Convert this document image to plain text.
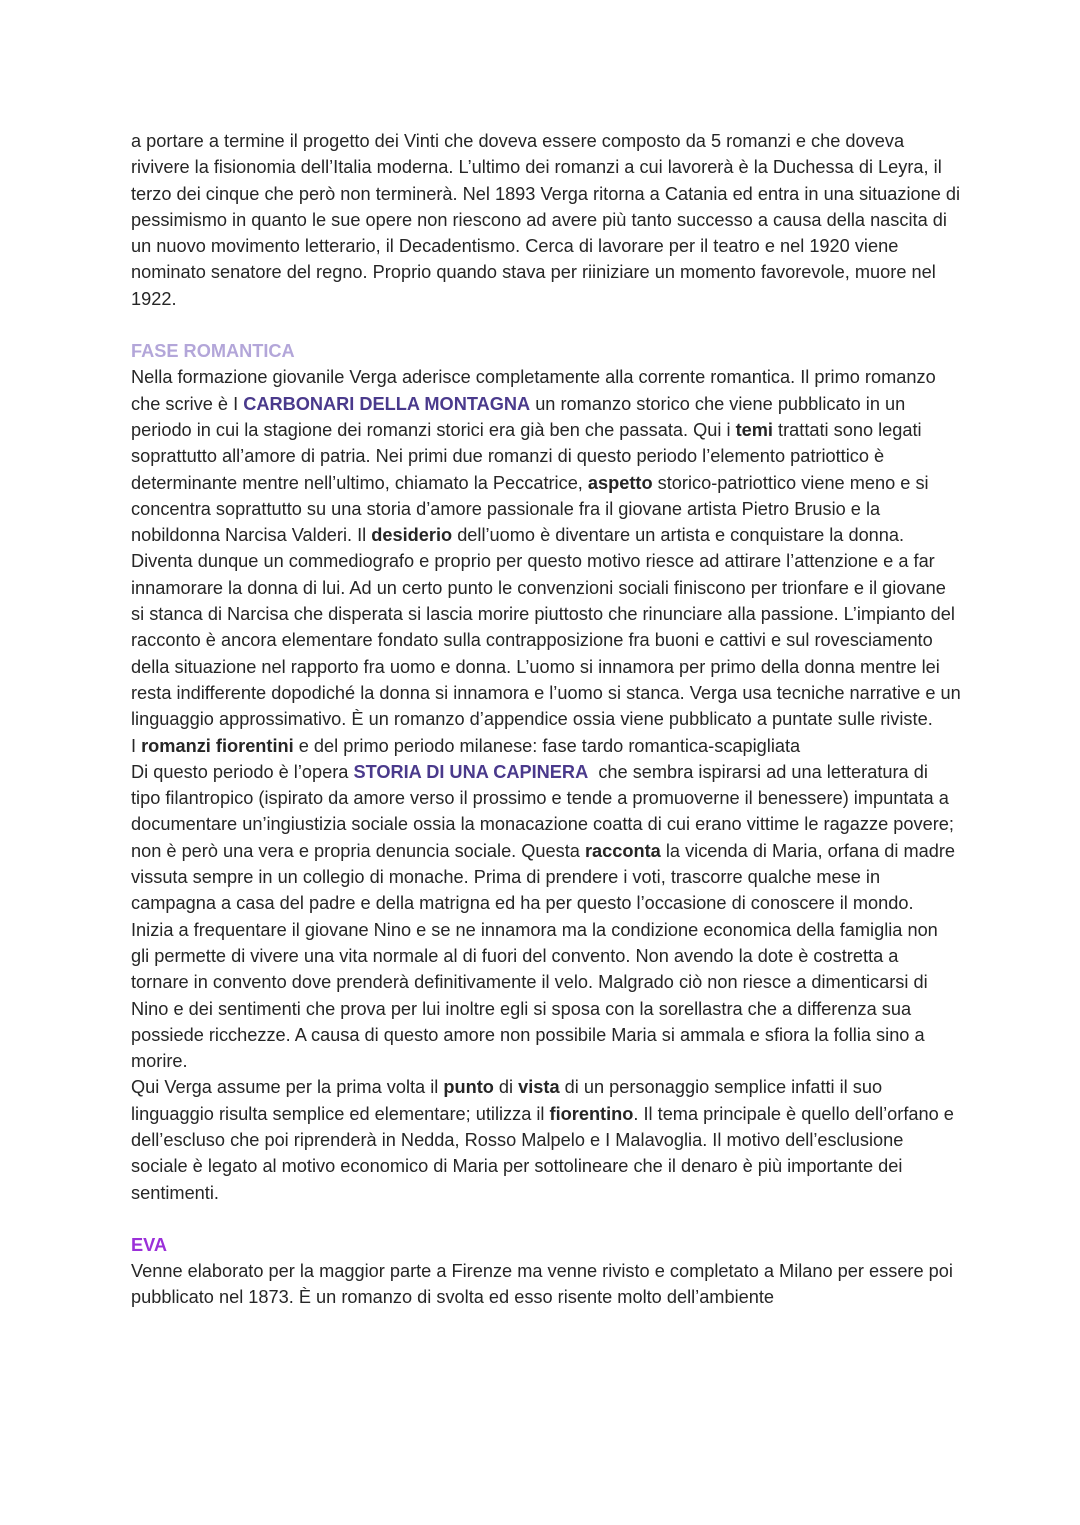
a portare a termine il progetto dei Vinti che doveva essere composto da 5 romanzi e che doveva rivivere la fisionomia dell’Italia moderna. L’ultimo dei romanzi a cui lavorerà è la Duchessa di Leyra, il terzo dei cinque che però non terminerà. Nel 1893 Verga ritorna a Catania ed entra in una situazione di pessimismo in quanto le sue opere non riescono ad avere più tanto successo a causa della nascita di un nuovo movimento letterario, il Decadentismo. Cerca di lavorare per il teatro e nel 1920 viene nominato senatore del regno. Proprio quando stava per riiniziare un momento favorevole, muore nel 1922.

FASE ROMANTICA

Nella formazione giovanile Verga aderisce completamente alla corrente romantica. Il primo romanzo che scrive è I CARBONARI DELLA MONTAGNA un romanzo storico che viene pubblicato in un periodo in cui la stagione dei romanzi storici era già ben che passata. Qui i temi trattati sono legati soprattutto all’amore di patria. Nei primi due romanzi di questo periodo l’elemento patriottico è determinante mentre nell’ultimo, chiamato la Peccatrice, aspetto storico-patriottico viene meno e si concentra soprattutto su una storia d’amore passionale fra il giovane artista Pietro Brusio e la nobildonna Narcisa Valderi. Il desiderio dell’uomo è diventare un artista e conquistare la donna. Diventa dunque un commediografo e proprio per questo motivo riesce ad attirare l’attenzione e a far innamorare la donna di lui. Ad un certo punto le convenzioni sociali finiscono per trionfare e il giovane si stanca di Narcisa che disperata si lascia morire piuttosto che rinunciare alla passione. L’impianto del racconto è ancora elementare fondato sulla contrapposizione fra buoni e cattivi e sul rovesciamento della situazione nel rapporto fra uomo e donna. L’uomo si innamora per primo della donna mentre lei resta indifferente dopodiché la donna si innamora e l’uomo si stanca. Verga usa tecniche narrative e un linguaggio approssimativo. È un romanzo d’appendice ossia viene pubblicato a puntate sulle riviste.

I romanzi fiorentini e del primo periodo milanese: fase tardo romantica-scapigliata

Di questo periodo è l’opera STORIA DI UNA CAPINERA  che sembra ispirarsi ad una letteratura di tipo filantropico (ispirato da amore verso il prossimo e tende a promuoverne il benessere) impuntata a documentare un’ingiustizia sociale ossia la monacazione coatta di cui erano vittime le ragazze povere; non è però una vera e propria denuncia sociale. Questa racconta la vicenda di Maria, orfana di madre vissuta sempre in un collegio di monache. Prima di prendere i voti, trascorre qualche mese in campagna a casa del padre e della matrigna ed ha per questo l’occasione di conoscere il mondo. Inizia a frequentare il giovane Nino e se ne innamora ma la condizione economica della famiglia non gli permette di vivere una vita normale al di fuori del convento. Non avendo la dote è costretta a tornare in convento dove prenderà definitivamente il velo. Malgrado ciò non riesce a dimenticarsi di Nino e dei sentimenti che prova per lui inoltre egli si sposa con la sorellastra che a differenza sua possiede ricchezze. A causa di questo amore non possibile Maria si ammala e sfiora la follia sino a morire.

Qui Verga assume per la prima volta il punto di vista di un personaggio semplice infatti il suo linguaggio risulta semplice ed elementare; utilizza il fiorentino. Il tema principale è quello dell’orfano e dell’escluso che poi riprenderà in Nedda, Rosso Malpelo e I Malavoglia. Il motivo dell’esclusione sociale è legato al motivo economico di Maria per sottolineare che il denaro è più importante dei sentimenti.

EVA

Venne elaborato per la maggior parte a Firenze ma venne rivisto e completato a Milano per essere poi pubblicato nel 1873. È un romanzo di svolta ed esso risente molto dell’ambiente
